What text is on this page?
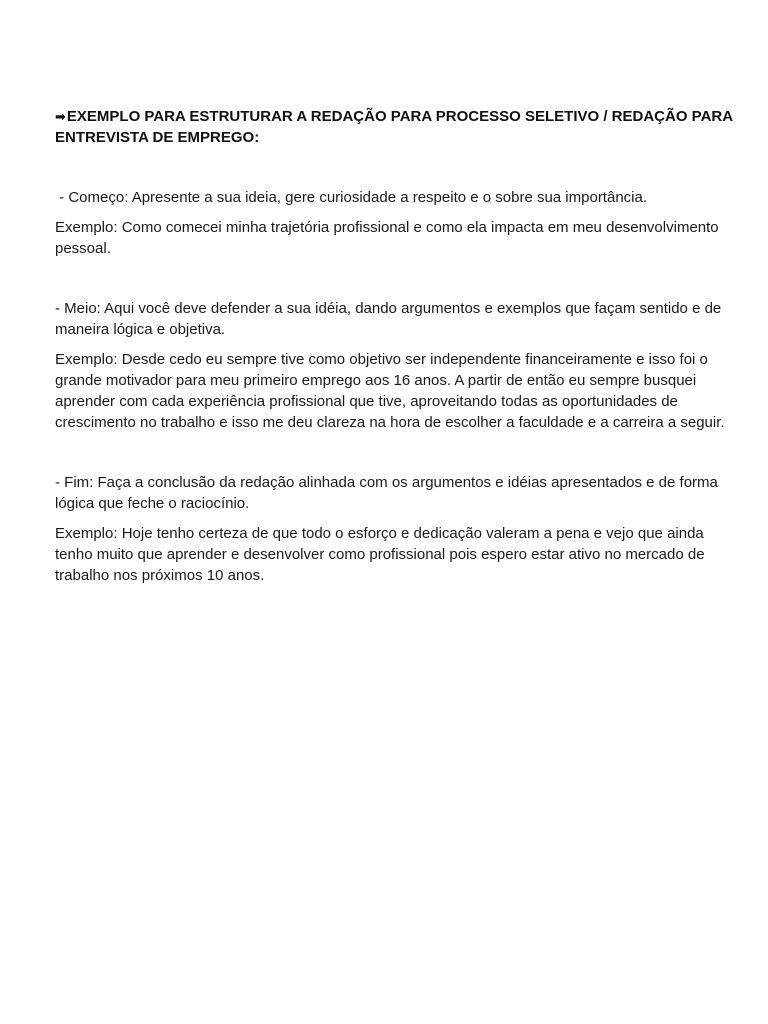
➡EXEMPLO PARA ESTRUTURAR A REDAÇÃO PARA PROCESSO SELETIVO / REDAÇÃO PARA ENTREVISTA DE EMPREGO:

- Começo: Apresente a sua ideia, gere curiosidade a respeito e o sobre sua importância.

Exemplo: Como comecei minha trajetória profissional e como ela impacta em meu desenvolvimento pessoal.

- Meio: Aqui você deve defender a sua idéia, dando argumentos e exemplos que façam sentido e de maneira lógica e objetiva.

Exemplo: Desde cedo eu sempre tive como objetivo ser independente financeiramente e isso foi o grande motivador para meu primeiro emprego aos 16 anos. A partir de então eu sempre busquei aprender com cada experiência profissional que tive, aproveitando todas as oportunidades de crescimento no trabalho e isso me deu clareza na hora de escolher a faculdade e a carreira a seguir.

- Fim: Faça a conclusão da redação alinhada com os argumentos e idéias apresentados e de forma lógica que feche o raciocínio.

Exemplo: Hoje tenho certeza de que todo o esforço e dedicação valeram a pena e vejo que ainda tenho muito que aprender e desenvolver como profissional pois espero estar ativo no mercado de trabalho nos próximos 10 anos.
